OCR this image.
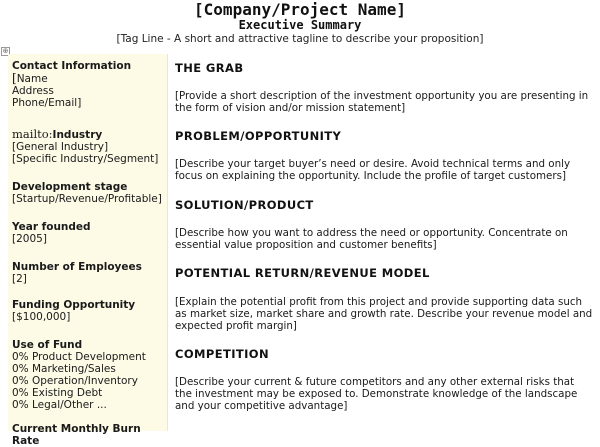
[Company/Project Name]
Executive Summary
[Tag Line - A short and attractive tagline to describe your proposition]
⊕
Contact Information
[Name
Address
Phone/Email]
mailto:Industry
[General Industry]
[Specific Industry/Segment]
Development stage
[Startup/Revenue/Profitable]
Year founded
[2005]
Number of Employees
[2]
Funding Opportunity
[$100,000]
Use of Fund
0% Product Development
0% Marketing/Sales
0% Operation/Inventory
0% Existing Debt
0% Legal/Other ...
Current Monthly Burn Rate
THE GRAB
[Provide a short description of the investment opportunity you are presenting in the form of vision and/or mission statement]
PROBLEM/OPPORTUNITY
[Describe your target buyer’s need or desire. Avoid technical terms and only focus on explaining the opportunity. Include the profile of target customers]
SOLUTION/PRODUCT
[Describe how you want to address the need or opportunity. Concentrate on essential value proposition and customer benefits]
POTENTIAL RETURN/REVENUE MODEL
[Explain the potential profit from this project and provide supporting data such as market size, market share and growth rate. Describe your revenue model and expected profit margin]
COMPETITION
[Describe your current & future competitors and any other external risks that the investment may be exposed to. Demonstrate knowledge of the landscape and your competitive advantage]
